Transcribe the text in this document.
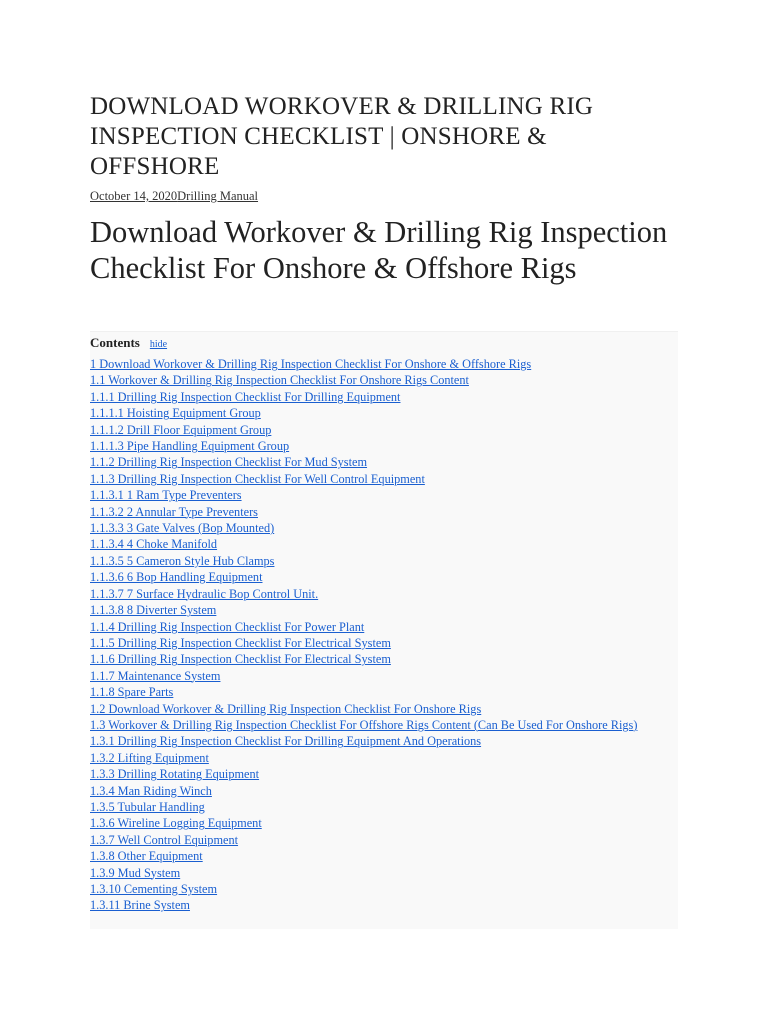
DOWNLOAD WORKOVER & DRILLING RIG INSPECTION CHECKLIST | ONSHORE & OFFSHORE
October 14, 2020Drilling Manual
Download Workover & Drilling Rig Inspection Checklist For Onshore & Offshore Rigs
Contents hide
1 Download Workover & Drilling Rig Inspection Checklist For Onshore & Offshore Rigs
1.1 Workover & Drilling Rig Inspection Checklist For Onshore Rigs Content
1.1.1 Drilling Rig Inspection Checklist For Drilling Equipment
1.1.1.1 Hoisting Equipment Group
1.1.1.2 Drill Floor Equipment Group
1.1.1.3 Pipe Handling Equipment Group
1.1.2 Drilling Rig Inspection Checklist For Mud System
1.1.3 Drilling Rig Inspection Checklist For Well Control Equipment
1.1.3.1 1 Ram Type Preventers
1.1.3.2 2 Annular Type Preventers
1.1.3.3 3 Gate Valves (Bop Mounted)
1.1.3.4 4 Choke Manifold
1.1.3.5 5 Cameron Style Hub Clamps
1.1.3.6 6 Bop Handling Equipment
1.1.3.7 7 Surface Hydraulic Bop Control Unit.
1.1.3.8 8 Diverter System
1.1.4 Drilling Rig Inspection Checklist For Power Plant
1.1.5 Drilling Rig Inspection Checklist For Electrical System
1.1.6 Drilling Rig Inspection Checklist For Electrical System
1.1.7 Maintenance System
1.1.8 Spare Parts
1.2 Download Workover & Drilling Rig Inspection Checklist For Onshore Rigs
1.3 Workover & Drilling Rig Inspection Checklist For Offshore Rigs Content (Can Be Used For Onshore Rigs)
1.3.1 Drilling Rig Inspection Checklist For Drilling Equipment And Operations
1.3.2 Lifting Equipment
1.3.3 Drilling Rotating Equipment
1.3.4 Man Riding Winch
1.3.5 Tubular Handling
1.3.6 Wireline Logging Equipment
1.3.7 Well Control Equipment
1.3.8 Other Equipment
1.3.9 Mud System
1.3.10 Cementing System
1.3.11 Brine System
